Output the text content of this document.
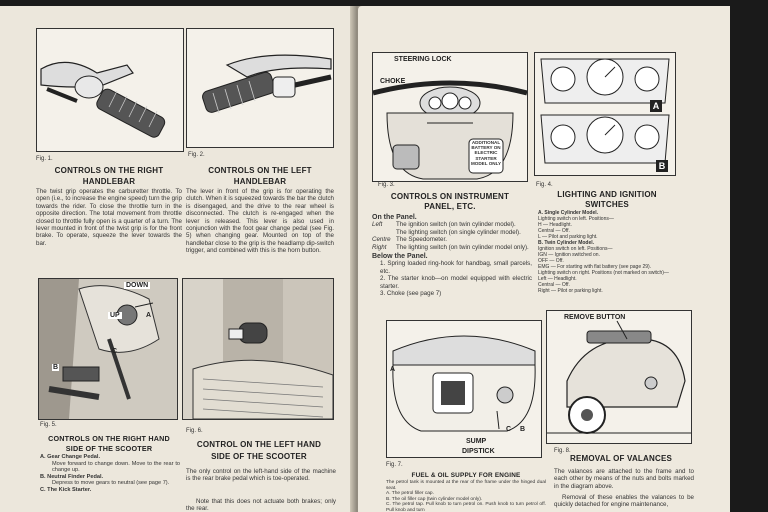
Fig. 1.
Fig. 2.
CONTROLS ON THE RIGHT
HANDLEBAR
The twist grip operates the carburetter throttle. To open (i.e., to increase the engine speed) turn the grip towards the rider. To close the throttle turn in the opposite direction. The total movement from throttle closed to throttle fully open is a quarter of a turn. The lever mounted in front of the twist grip is for the front brake. To operate, squeeze the lever towards the bar.
CONTROLS ON THE LEFT
HANDLEBAR
The lever in front of the grip is for operating the clutch. When it is squeezed towards the bar the clutch is disengaged, and the drive to the rear wheel is disconnected. The clutch is re-engaged when the lever is released. This lever is also used in conjunction with the foot gear change pedal (see Fig. 5) when changing gear. Mounted on top of the handlebar close to the grip is the headlamp dip-switch trigger, and combined with this is the horn button.
DOWN
UP	A
B
C
Fig. 5.
Fig. 6.
CONTROLS ON THE RIGHT HAND
SIDE OF THE SCOOTER
A. Gear Change Pedal.
Move forward to change down. Move to the rear to change up.
B. Neutral Finder Pedal.
Depress to move gears to neutral (see page 7).
C. The Kick Starter.
CONTROL ON THE LEFT HAND
SIDE OF THE SCOOTER
The only control on the left-hand side of the machine is the rear brake pedal which is toe-operated.
Note that this does not actuate both brakes; only the rear.
STEERING LOCK
CHOKE
ADDITIONAL BATTERY ON ELECTRIC STARTER MODEL ONLY
Fig. 3.
A
B
Fig. 4.
CONTROLS ON INSTRUMENT
PANEL, ETC.
On the Panel.
Left	The ignition switch (on twin cylinder model).
The lighting switch (on single cylinder model).
Centre The Speedometer.
Right	The lighting switch (on twin cylinder model only).
Below the Panel.
1. Spring loaded ring-hook for handbag, small parcels, etc.
2. The starter knob—on model equipped with electric starter.
3. Choke (see page 7)
LIGHTING AND IGNITION
SWITCHES
A. Single Cylinder Model.
Lighting switch on left. Positions—
H — Headlight.
Central — Off.
L — Pilot and parking light.
B. Twin Cylinder Model.
Ignition switch on left. Positions—
IGN — Ignition switched on.
OFF — Off.
EMG — For starting with flat battery (see page 29).
Lighting switch on right. Positions (not marked on switch)—
Left — Headlight.
Central — Off.
Right — Pilot or parking light.
A
C B
SUMP
DIPSTICK
Fig. 7.
REMOVE BUTTON
Fig. 8.
FUEL & OIL SUPPLY FOR ENGINE
The petrol tank is mounted at the rear of the frame under the hinged dual seat.
A. The petrol filler cap.
B. The oil filler cap (twin cylinder model only).
C. The petrol tap. Pull knob to turn petrol on. Push knob to turn petrol off. Pull knob and turn
REMOVAL OF VALANCES
The valances are attached to the frame and to each other by means of the nuts and bolts marked in the diagram above.
Removal of these enables the valances to be quickly detached for engine maintenance,
